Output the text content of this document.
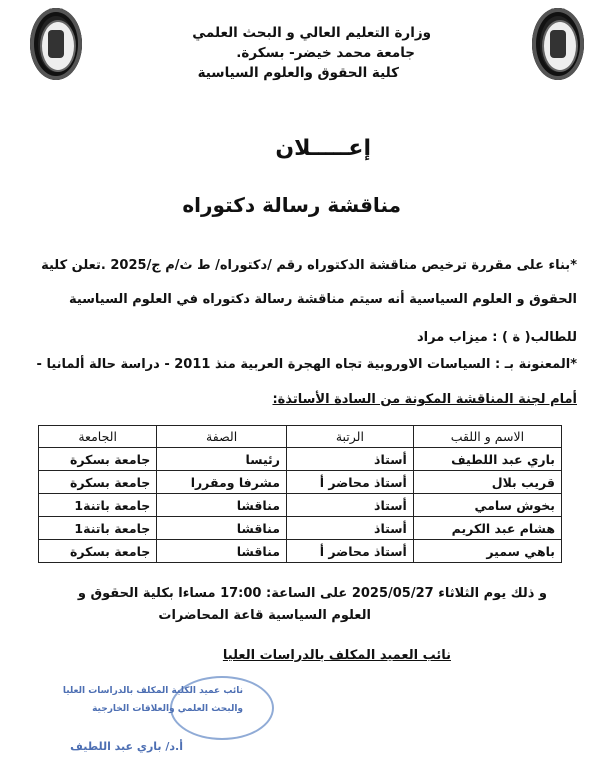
وزارة التعليم العالي و البحث العلمي
جامعة محمد خيضر- بسكرة.
كلية الحقوق والعلوم السياسية
إعـــــلان
مناقشة رسالة دكتوراه
*بناء على مقررة ترخيص مناقشة الدكتوراه رقم /دكتوراه/ ط ث/م ج/2025 .تعلن كلية
الحقوق و العلوم السياسية أنه سيتم مناقشة رسالة دكتوراه في العلوم السياسية
للطالب( ة ) : ميزاب مراد
*المعنونة بـ : السياسات الاوروبية تجاه الهجرة العربية منذ 2011 - دراسة حالة ألمانيا -
أمام لجنة المناقشة المكونة من السادة الأساتذة:
الاسم و اللقب	الرتبة	الصفة	الجامعة
باري عبد اللطيف	أستاذ	رئيسا	جامعة بسكرة
قريب بلال	أستاذ محاضر أ	مشرفا ومقررا	جامعة بسكرة
بخوش سامي	أستاذ	مناقشا	جامعة باتنة1
هشام عبد الكريم	أستاذ	مناقشا	جامعة باتنة1
باهي سمير	أستاذ محاضر أ	مناقشا	جامعة بسكرة
و ذلك يوم الثلاثاء 2025/05/27 على الساعة: 17:00 مساءا بكلية الحقوق و
العلوم السياسية قاعة المحاضرات
نائب العميد المكلف بالدراسات العليا
نائب عميد الكلية المكلف بالدراسات العليا
والبحث العلمي والعلاقات الخارجية
أ.د/ باري عبد اللطيف
